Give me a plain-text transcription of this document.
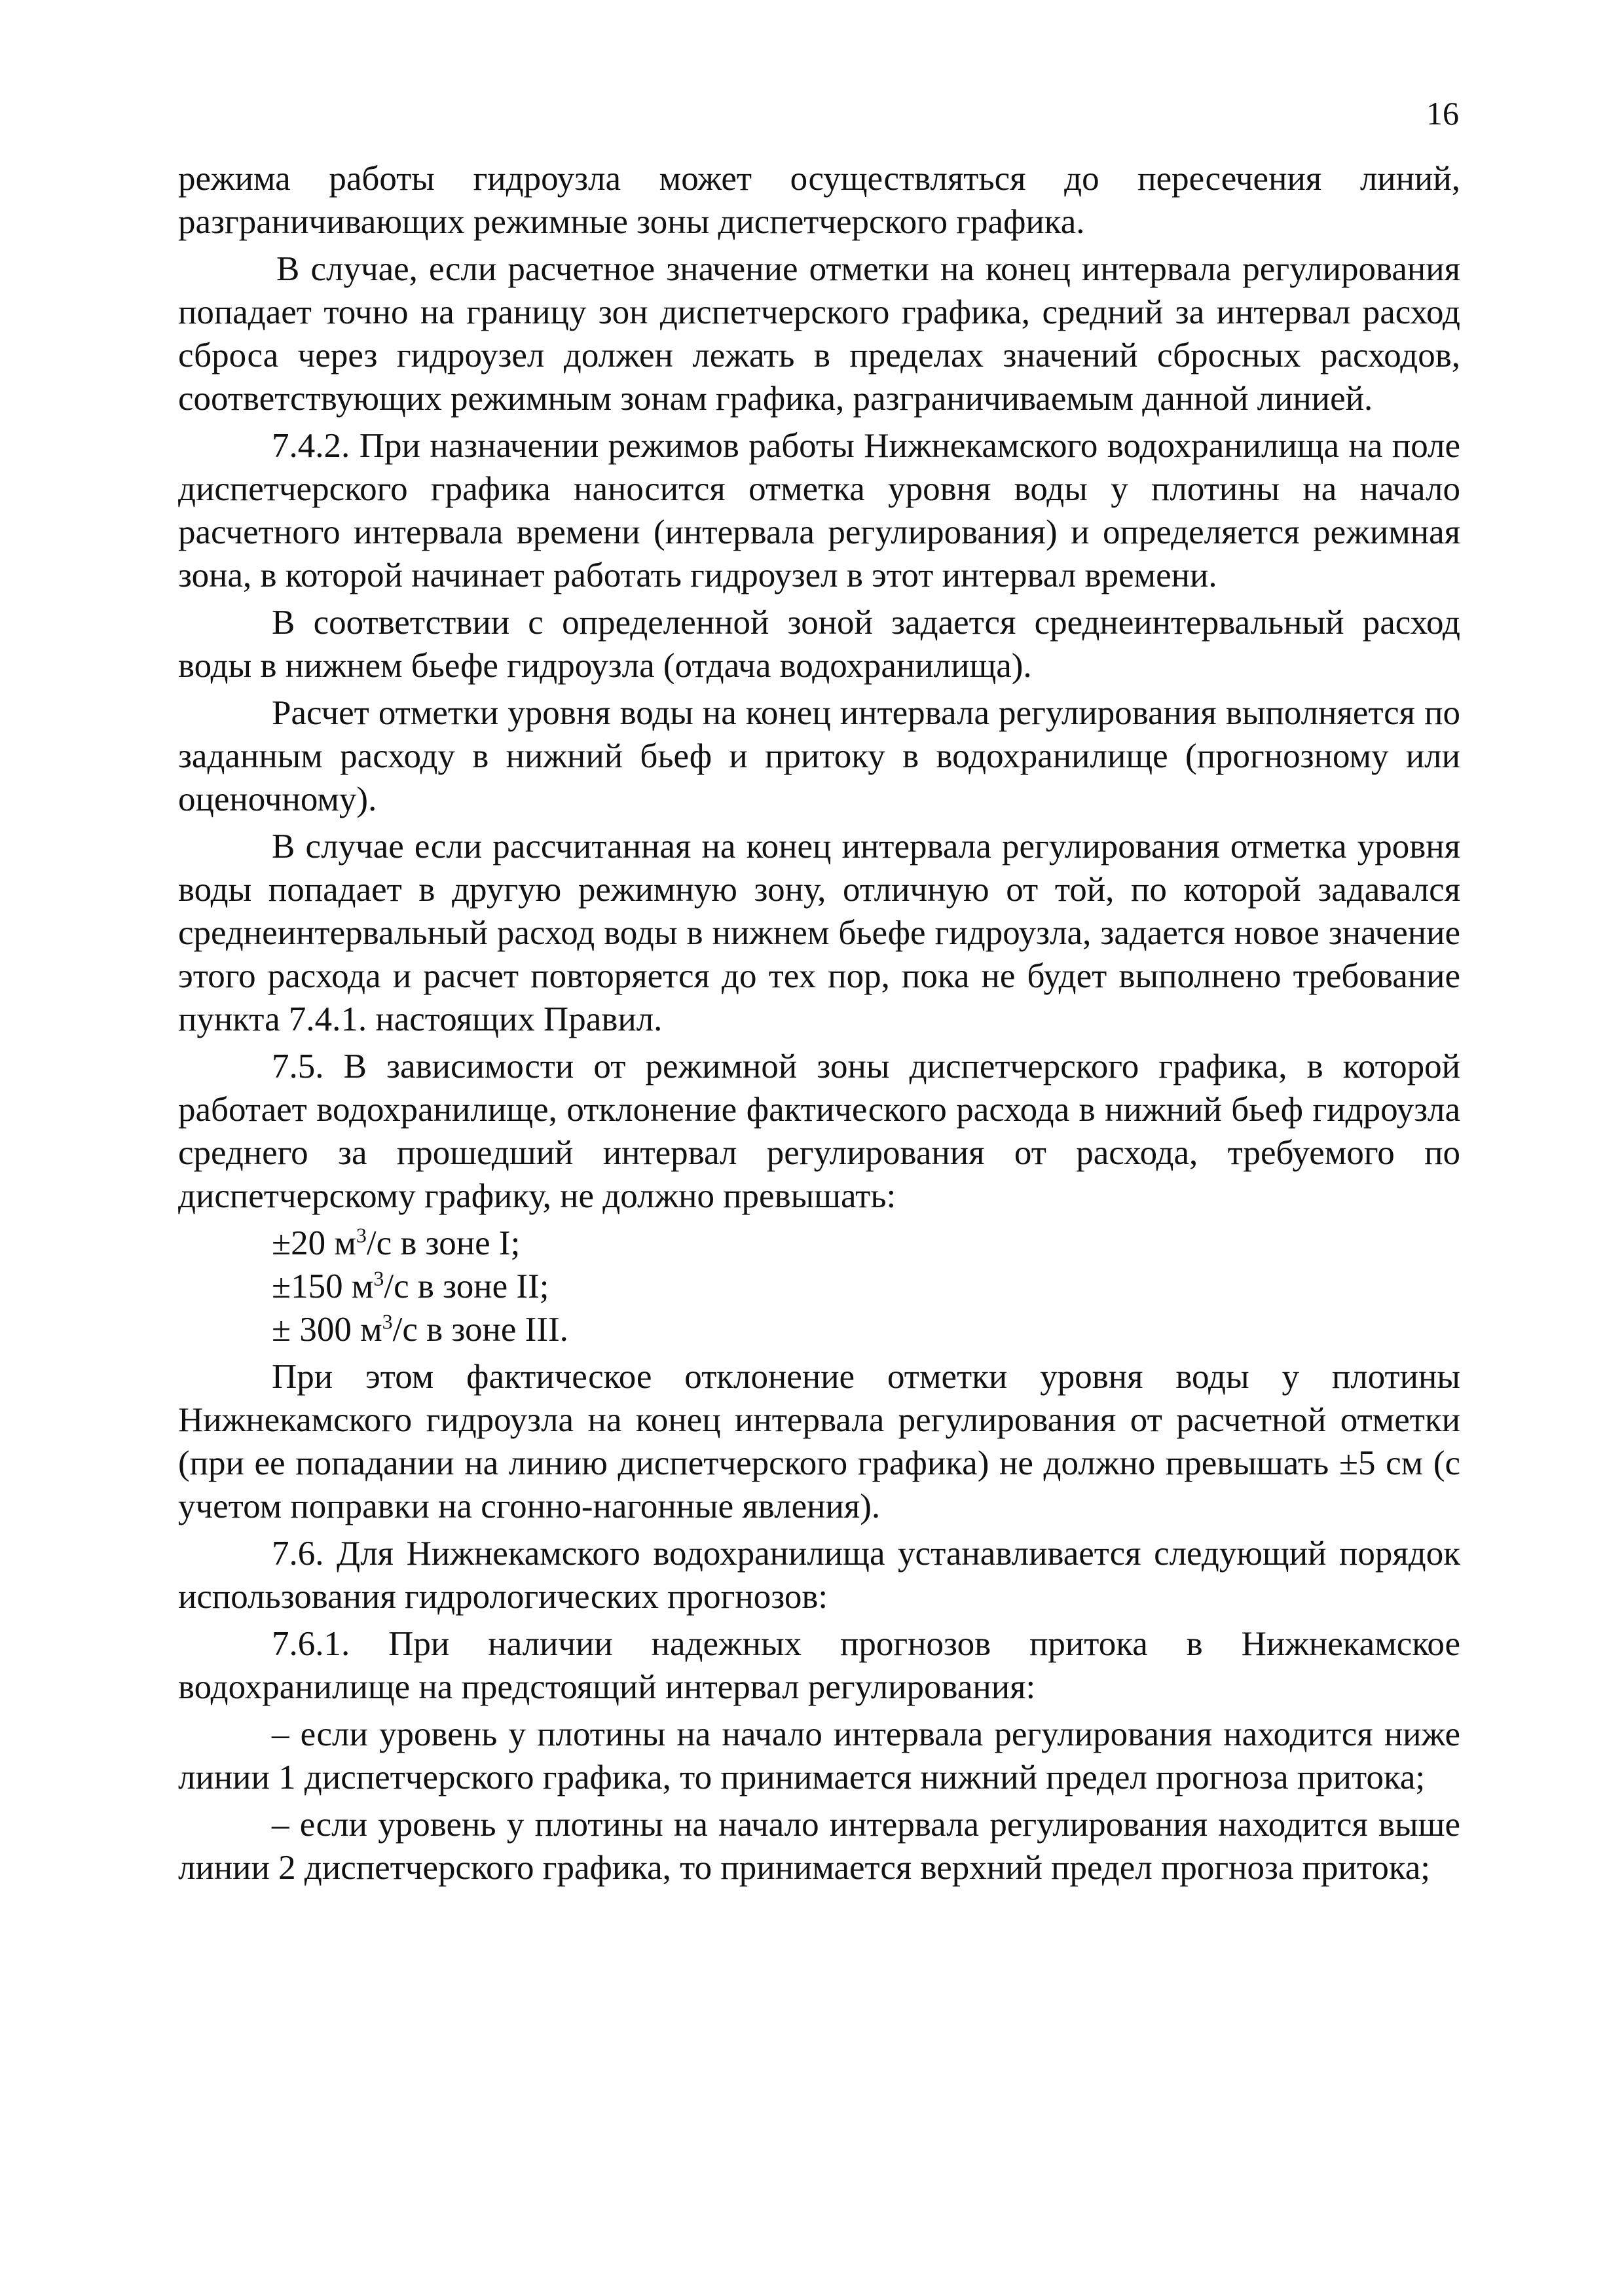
16

режима работы гидроузла может осуществляться до пересечения линий, разграничивающих режимные зоны диспетчерского графика.

В случае, если расчетное значение отметки на конец интервала регулирования попадает точно на границу зон диспетчерского графика, средний за интервал расход сброса через гидроузел должен лежать в пределах значений сбросных расходов, соответствующих режимным зонам графика, разграничиваемым данной линией.

7.4.2. При назначении режимов работы Нижнекамского водохранилища на поле диспетчерского графика наносится отметка уровня воды у плотины на начало расчетного интервала времени (интервала регулирования) и определяется режимная зона, в которой начинает работать гидроузел в этот интервал времени.

В соответствии с определенной зоной задается среднеинтервальный расход воды в нижнем бьефе гидроузла (отдача водохранилища).

Расчет отметки уровня воды на конец интервала регулирования выполняется по заданным расходу в нижний бьеф и притоку в водохранилище (прогнозному или оценочному).

В случае если рассчитанная на конец интервала регулирования отметка уровня воды попадает в другую режимную зону, отличную от той, по которой задавался среднеинтервальный расход воды в нижнем бьефе гидроузла, задается новое значение этого расхода и расчет повторяется до тех пор, пока не будет выполнено требование пункта 7.4.1. настоящих Правил.

7.5. В зависимости от режимной зоны диспетчерского графика, в которой работает водохранилище, отклонение фактического расхода в нижний бьеф гидроузла среднего за прошедший интервал регулирования от расхода, требуемого по диспетчерскому графику, не должно превышать:

±20 $м^3/с$ в зоне I;
±150 $м^3/с$ в зоне II;
± 300 $м^3/с$ в зоне III.

При этом фактическое отклонение отметки уровня воды у плотины Нижнекамского гидроузла на конец интервала регулирования от расчетной отметки (при ее попадании на линию диспетчерского графика) не должно превышать ±5 см (с учетом поправки на сгонно-нагонные явления).

7.6. Для Нижнекамского водохранилища устанавливается следующий порядок использования гидрологических прогнозов:

7.6.1. При наличии надежных прогнозов притока в Нижнекамское водохранилище на предстоящий интервал регулирования:

– если уровень у плотины на начало интервала регулирования находится ниже линии 1 диспетчерского графика, то принимается нижний предел прогноза притока;

– если уровень у плотины на начало интервала регулирования находится выше линии 2 диспетчерского графика, то принимается верхний предел прогноза притока;
